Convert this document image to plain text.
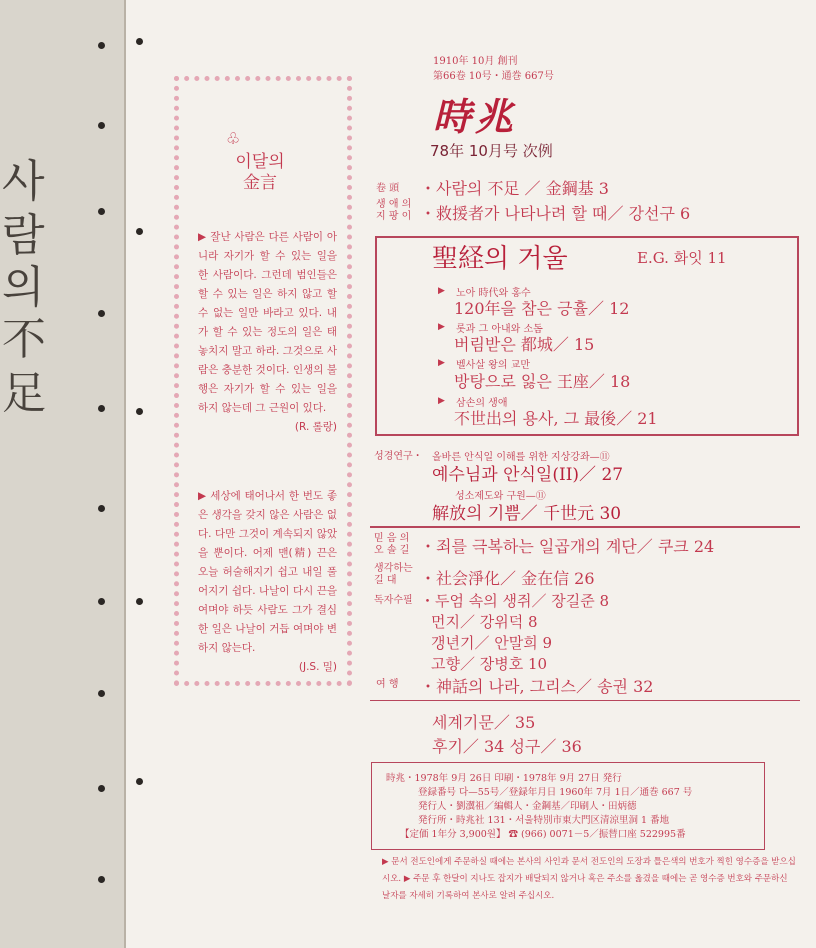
사
람
의
不
足
♧
이달의
金言
▶ 잘난 사람은 다른 사람이 아니라 자기가 할 수 있는 일을 한 사람이다. 그런데 범인들은 할 수 있는 일은 하지 않고 할 수 없는 일만 바라고 있다. 내가 할 수 있는 정도의 일은 태 놓치지 말고 하라. 그것으로 사람은 충분한 것이다. 인생의 불행은 자기가 할 수 있는 일을 하지 않는데 그 근원이 있다.
(R. 롤랑)
▶ 세상에 태어나서 한 번도 좋은 생각을 갖지 않은 사람은 없다. 다만 그것이 계속되지 않았을 뿐이다. 어제 맨(精) 끈은 오늘 허술해지기 쉽고 내일 풀어지기 쉽다. 나날이 다시 끈을 여며야 하듯 사람도 그가 결심한 일은 나날이 거듭 여며야 변하지 않는다.
(J.S. 밀)
1910年 10月 創刊
第66卷 10号・通巻 667号
時兆
78年 10月号 次例
卷 頭 ・사람의 不足 ／ 金鋼基 3
생 애 의
지 팡 이 ・救援者가 나타나려 할 때／ 강선구 6
聖経의 거울	E.G. 화잇 11
▶ 노아 時代와 홍수
120年을 참은 긍휼／ 12
▶ 롯과 그 아내와 소돔
버림받은 都城／ 15
▶ 벨사살 왕의 교만
방탕으로 잃은 王座／ 18
▶ 삼손의 생애
不世出의 용사, 그 最後／ 21
성경연구・ 올바른 안식일 이해를 위한 지상강좌—⑪
예수님과 안식일(II)／ 27
성소제도와 구원—⑪
解放의 기쁨／ 千世元 30
믿 음 의
오 솔 길 ・죄를 극복하는 일곱개의 계단／ 쿠크 24
생각하는
길 대 ・社会淨化／ 金在信 26
독자수필 ・두엄 속의 생쥐／ 장길준 8
먼지／ 강위덕 8
갱년기／ 안말희 9
고향／ 장병호 10
여 행 ・神話의 나라, 그리스／ 송권 32
세계기문／ 35
후기／ 34 성구／ 36
時兆・1978年 9月 26日 印刷・1978年 9月 27日 発行
登録番号 다—55号／登録年月日 1960年 7月 1日／通巻 667 号
発行人・劉瀷祖／編輯人・金鋼基／印刷人・田炳德
発行所・時兆社 131・서울特別市東大門区清涼里洞 1 番地
【定価 1年分 3,900원】 ☎ (966) 0071－5／振替口座 522995番
▶ 문서 전도인에게 주문하실 때에는 본사의 사인과 문서 전도인의 도장과 틀은색의 번호가 찍힌 영수증을 받으십시오. ▶ 주문 후 한달이 지나도 잡지가 배달되지 않거나 혹은 주소를 옮겼을 때에는 곧 영수증 번호와 주문하신 날자를 자세히 기록하여 본사로 알려 주십시오.
